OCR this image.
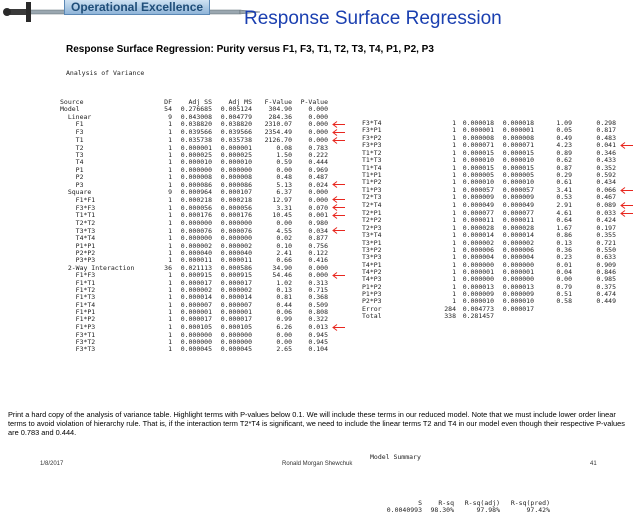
Operational Excellence
Response Surface Regression
Response Surface Regression: Purity versus F1, F3, T1, T2, T3, T4, P1, P2, P3
Analysis of Variance
Source	DF	Adj SS	Adj MS	F-Value	P-Value	

Model	54	0.276685	0.005124	304.90	0.000	
Linear	9	0.043008	0.004779	284.36	0.000	
F1	1	0.038820	0.038820	2310.07	0.000	
F3	1	0.039566	0.039566	2354.49	0.000	
T1	1	0.035738	0.035738	2126.70	0.000	
T2	1	0.000001	0.000001	0.08	0.783	
T3	1	0.000025	0.000025	1.50	0.222	
T4	1	0.000010	0.000010	0.59	0.444	
P1	1	0.000000	0.000000	0.00	0.969	
P2	1	0.000008	0.000008	0.48	0.487	
P3	1	0.000086	0.000086	5.13	0.024	
Square	9	0.000964	0.000107	6.37	0.000	
F1*F1	1	0.000218	0.000218	12.97	0.000	
F3*F3	1	0.000056	0.000056	3.31	0.070	
T1*T1	1	0.000176	0.000176	10.45	0.001	
T2*T2	1	0.000000	0.000000	0.00	0.980	
T3*T3	1	0.000076	0.000076	4.55	0.034	
T4*T4	1	0.000000	0.000000	0.02	0.877	
P1*P1	1	0.000002	0.000002	0.10	0.756	
P2*P2	1	0.000040	0.000040	2.41	0.122	
P3*P3	1	0.000011	0.000011	0.66	0.416	
2-Way Interaction	36	0.021113	0.000586	34.90	0.000	
F1*F3	1	0.000915	0.000915	54.46	0.000	
F1*T1	1	0.000017	0.000017	1.02	0.313	
F1*T2	1	0.000002	0.000002	0.13	0.715	
F1*T3	1	0.000014	0.000014	0.81	0.368	
F1*T4	1	0.000007	0.000007	0.44	0.509	
F1*P1	1	0.000001	0.000001	0.06	0.808	
F1*P2	1	0.000017	0.000017	0.99	0.322	
F1*P3	1	0.000105	0.000105	6.26	0.013	
F3*T1	1	0.000000	0.000000	0.00	0.945	
F3*T2	1	0.000000	0.000000	0.00	0.945	
F3*T3	1	0.000045	0.000045	2.65	0.104	
F3*T4	1	0.000018	0.000018	1.09	0.298	
F3*P1	1	0.000001	0.000001	0.05	0.817	
F3*P2	1	0.000008	0.000008	0.49	0.483	
F3*P3	1	0.000071	0.000071	4.23	0.041	
T1*T2	1	0.000015	0.000015	0.89	0.346	
T1*T3	1	0.000010	0.000010	0.62	0.433	
T1*T4	1	0.000015	0.000015	0.87	0.352	
T1*P1	1	0.000005	0.000005	0.29	0.592	
T1*P2	1	0.000010	0.000010	0.61	0.434	
T1*P3	1	0.000057	0.000057	3.41	0.066	
T2*T3	1	0.000009	0.000009	0.53	0.467	
T2*T4	1	0.000049	0.000049	2.91	0.089	
T2*P1	1	0.000077	0.000077	4.61	0.033	
T2*P2	1	0.000011	0.000011	0.64	0.424	
T2*P3	1	0.000028	0.000028	1.67	0.197	
T3*T4	1	0.000014	0.000014	0.86	0.355	
T3*P1	1	0.000002	0.000002	0.13	0.721	
T3*P2	1	0.000006	0.000006	0.36	0.550	
T3*P3	1	0.000004	0.000004	0.23	0.633	
T4*P1	1	0.000000	0.000000	0.01	0.909	
T4*P2	1	0.000001	0.000001	0.04	0.846	
T4*P3	1	0.000000	0.000000	0.00	0.985	
P1*P2	1	0.000013	0.000013	0.79	0.375	
P1*P3	1	0.000009	0.000009	0.51	0.474	
P2*P3	1	0.000010	0.000010	0.58	0.449	
Error	284	0.004773	0.000017			
Total	338	0.281457				

Model Summary

S	R-sq	R-sq(adj)	R-sq(pred)
0.0040993	98.30%	97.98%	97.42%

Print a hard copy of the analysis of variance table. Highlight terms with P-values below 0.1. We will include these terms in our reduced model. Note that we must include lower order linear terms to avoid violation of hierarchy rule. That is, if the interaction term T2*T4 is significant, we need to include the linear terms T2 and T4 in our model even though their respective P-values are 0.783 and 0.444.
1/8/2017	Ronald Morgan Shewchuk	41
